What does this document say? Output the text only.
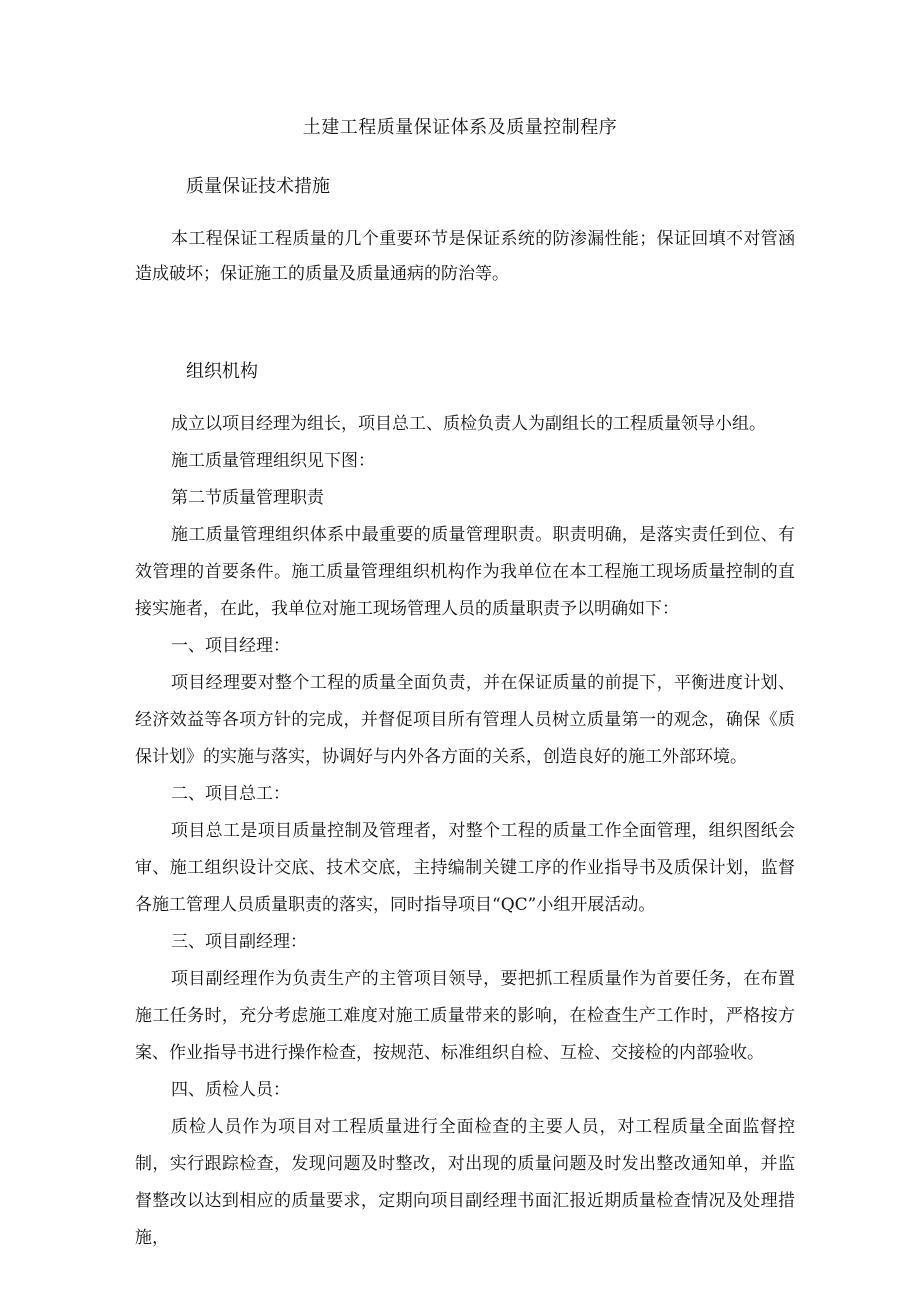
土建工程质量保证体系及质量控制程序
质量保证技术措施

本工程保证工程质量的几个重要环节是保证系统的防渗漏性能；保证回填不对管涵造成破坏；保证施工的质量及质量通病的防治等。

组织机构
成立以项目经理为组长，项目总工、质检负责人为副组长的工程质量领导小组。
施工质量管理组织见下图：
第二节质量管理职责
施工质量管理组织体系中最重要的质量管理职责。职责明确，是落实责任到位、有效管理的首要条件。施工质量管理组织机构作为我单位在本工程施工现场质量控制的直接实施者，在此，我单位对施工现场管理人员的质量职责予以明确如下：
一、项目经理：
项目经理要对整个工程的质量全面负责，并在保证质量的前提下，平衡进度计划、经济效益等各项方针的完成，并督促项目所有管理人员树立质量第一的观念，确保《质保计划》的实施与落实，协调好与内外各方面的关系，创造良好的施工外部环境。
二、项目总工：
项目总工是项目质量控制及管理者，对整个工程的质量工作全面管理，组织图纸会审、施工组织设计交底、技术交底，主持编制关键工序的作业指导书及质保计划，监督各施工管理人员质量职责的落实，同时指导项目“QC”小组开展活动。
三、项目副经理：
项目副经理作为负责生产的主管项目领导，要把抓工程质量作为首要任务，在布置施工任务时，充分考虑施工难度对施工质量带来的影响，在检查生产工作时，严格按方案、作业指导书进行操作检查，按规范、标准组织自检、互检、交接检的内部验收。
四、质检人员：
质检人员作为项目对工程质量进行全面检查的主要人员，对工程质量全面监督控制，实行跟踪检查，发现问题及时整改，对出现的质量问题及时发出整改通知单，并监督整改以达到相应的质量要求，定期向项目副经理书面汇报近期质量检查情况及处理措施，
